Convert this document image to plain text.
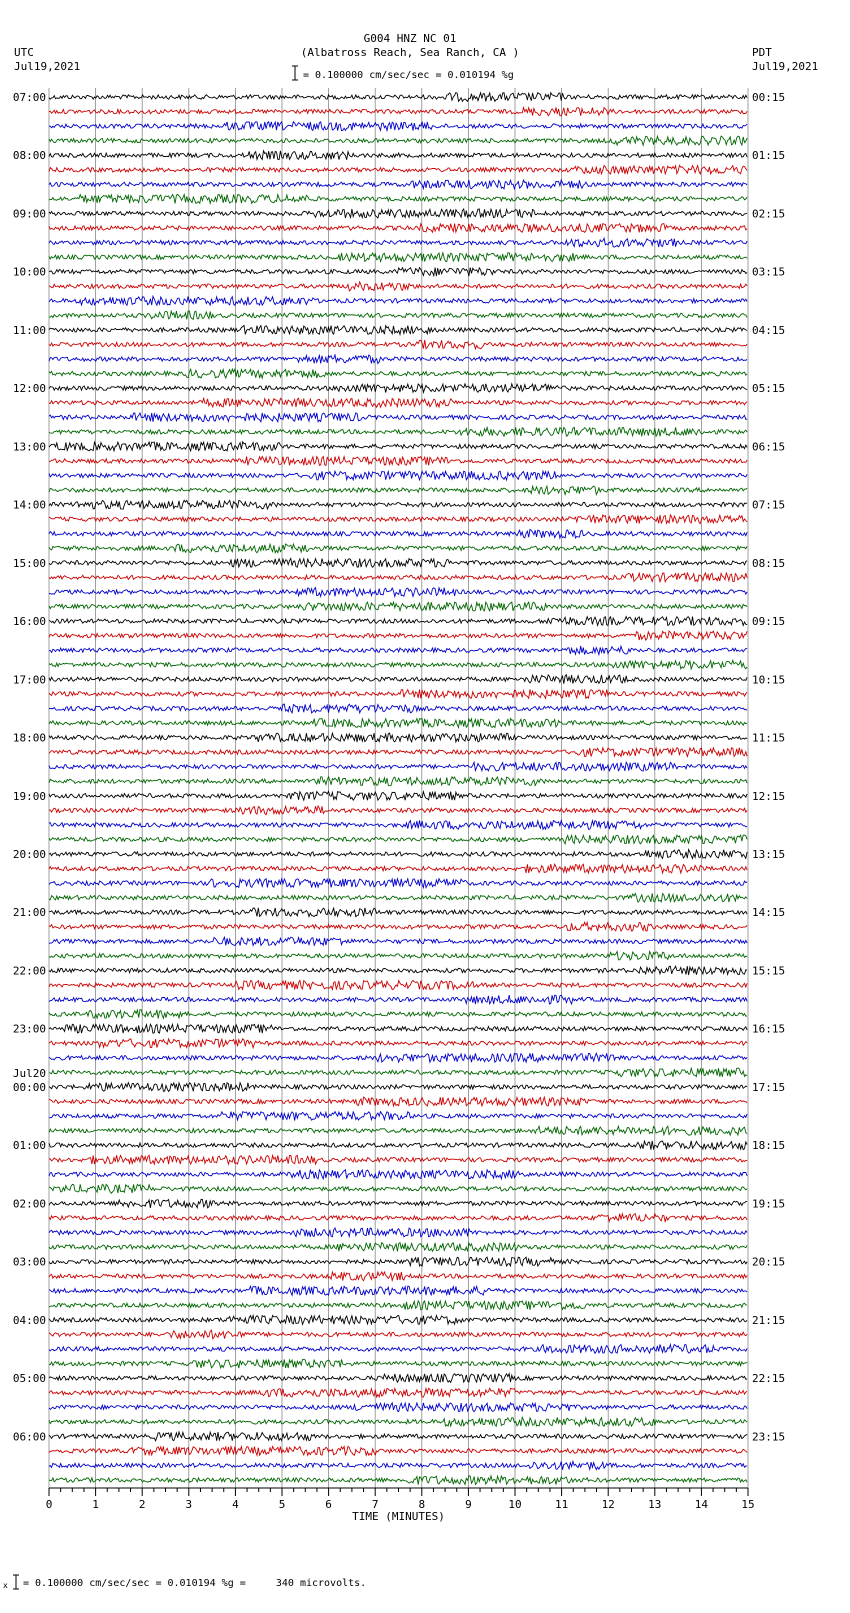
G004 HNZ NC 01
(Albatross Reach, Sea Ranch, CA )
= 0.100000 cm/sec/sec = 0.010194 %g
UTC
Jul19,2021
PDT
Jul19,2021
07:00
08:00
09:00
10:00
11:00
12:00
13:00
14:00
15:00
16:00
17:00
18:00
19:00
20:00
21:00
22:00
23:00
00:00
Jul20
01:00
02:00
03:00
04:00
05:00
06:00
00:15
01:15
02:15
03:15
04:15
05:15
06:15
07:15
08:15
09:15
10:15
11:15
12:15
13:15
14:15
15:15
16:15
17:15
18:15
19:15
20:15
21:15
22:15
23:15
0	1	2	3	4	5	6	7	8	9	10	11	12	13	14	15
TIME (MINUTES)
x = 0.100000 cm/sec/sec = 0.010194 %g =     340 microvolts.
